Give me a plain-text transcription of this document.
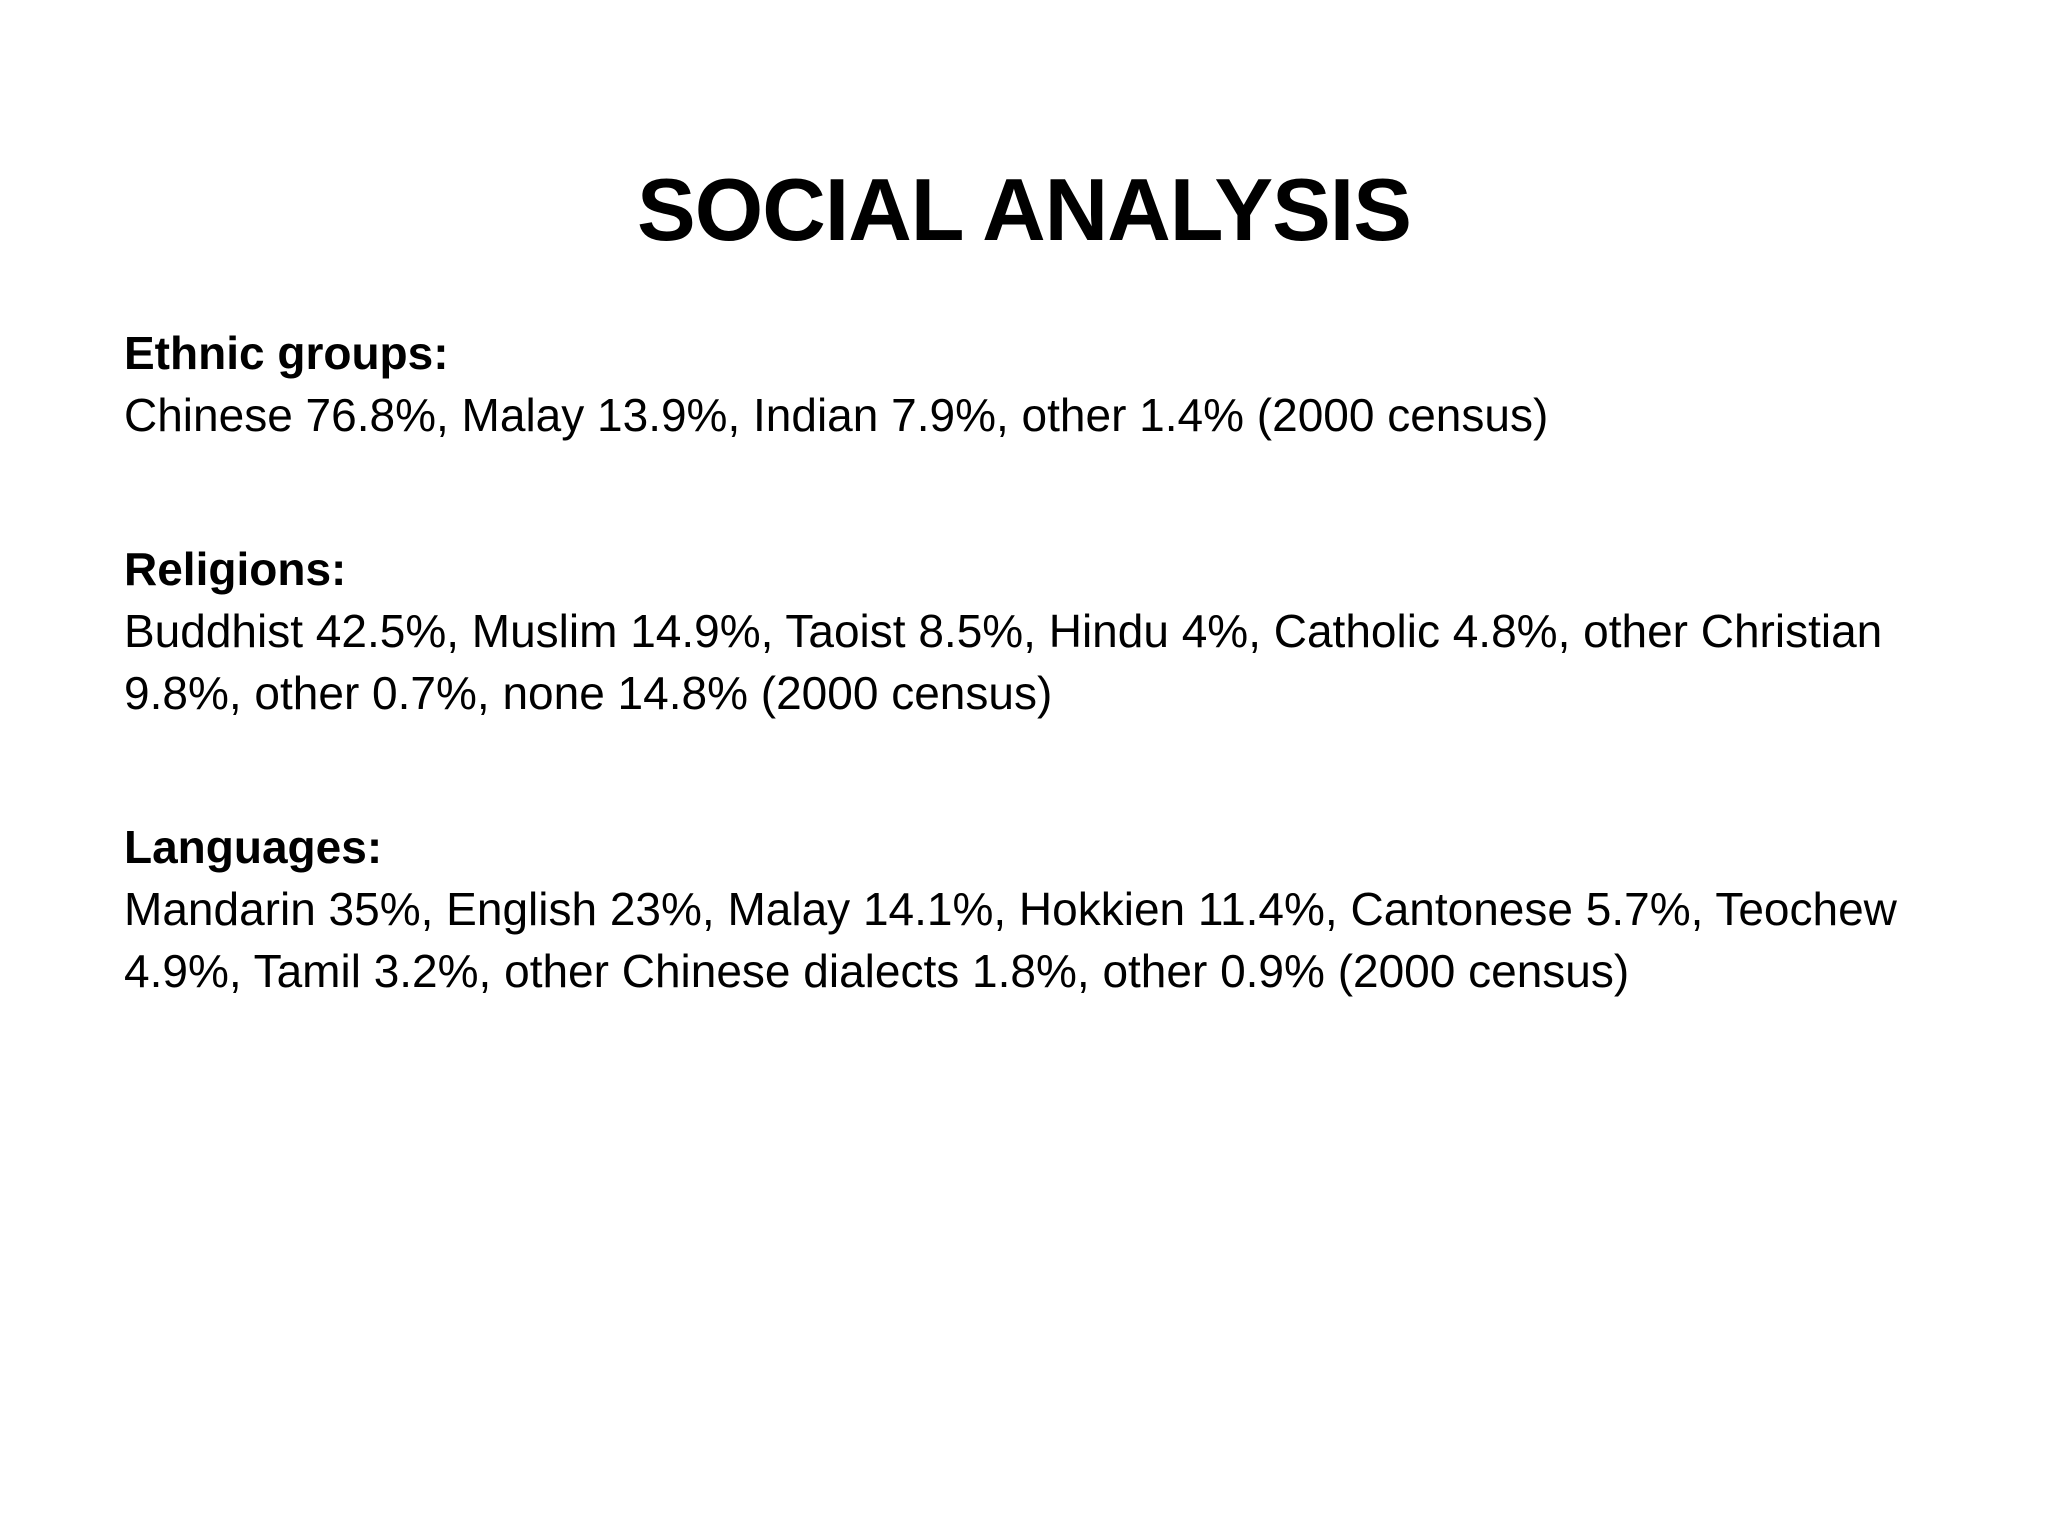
SOCIAL ANALYSIS
Ethnic groups:
Chinese 76.8%, Malay 13.9%, Indian 7.9%, other 1.4% (2000 census)
Religions:
Buddhist 42.5%, Muslim 14.9%, Taoist 8.5%, Hindu 4%, Catholic 4.8%, other Christian 9.8%, other 0.7%, none 14.8% (2000 census)
Languages:
Mandarin 35%, English 23%, Malay 14.1%, Hokkien 11.4%, Cantonese 5.7%, Teochew 4.9%, Tamil 3.2%, other Chinese dialects 1.8%, other 0.9% (2000 census)
